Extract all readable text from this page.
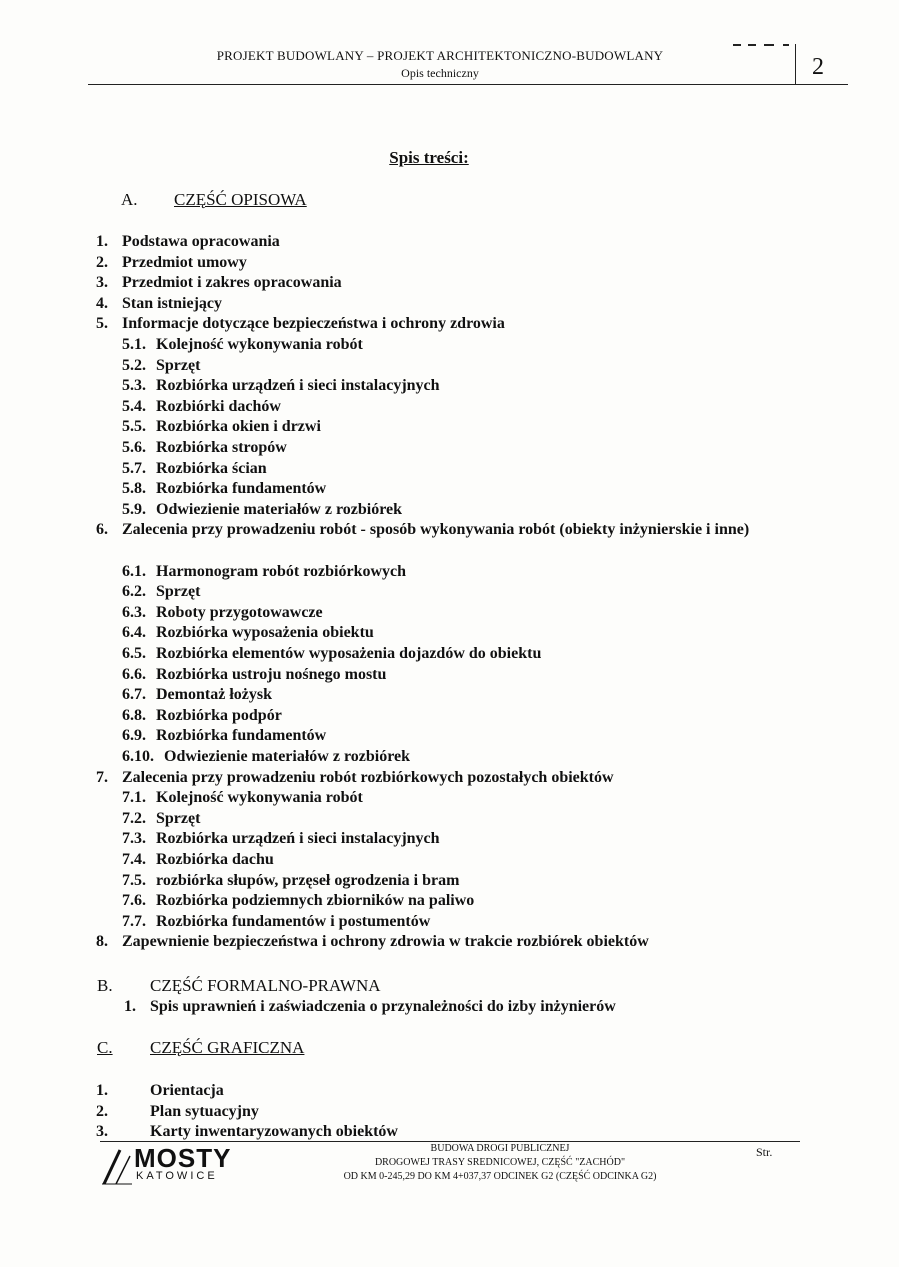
PROJEKT BUDOWLANY – PROJEKT ARCHITEKTONICZNO-BUDOWLANY
Opis techniczny	2
Spis treści:
A. CZĘŚĆ OPISOWA
1. Podstawa opracowania
2. Przedmiot umowy
3. Przedmiot i zakres opracowania
4. Stan istniejący
5. Informacje dotyczące bezpieczeństwa i ochrony zdrowia
5.1. Kolejność wykonywania robót
5.2. Sprzęt
5.3. Rozbiórka urządzeń i sieci instalacyjnych
5.4. Rozbiórki dachów
5.5. Rozbiórka okien i drzwi
5.6. Rozbiórka stropów
5.7. Rozbiórka ścian
5.8. Rozbiórka fundamentów
5.9. Odwiezienie materiałów z rozbiórek
6. Zalecenia przy prowadzeniu robót - sposób wykonywania robót (obiekty inżynierskie i inne)
6.1. Harmonogram robót rozbiórkowych
6.2. Sprzęt
6.3. Roboty przygotowawcze
6.4. Rozbiórka wyposażenia obiektu
6.5. Rozbiórka elementów wyposażenia dojazdów do obiektu
6.6. Rozbiórka ustroju nośnego mostu
6.7. Demontaż łożysk
6.8. Rozbiórka podpór
6.9. Rozbiórka fundamentów
6.10. Odwiezienie materiałów z rozbiórek
7. Zalecenia przy prowadzeniu robót rozbiórkowych pozostałych obiektów
7.1. Kolejność wykonywania robót
7.2. Sprzęt
7.3. Rozbiórka urządzeń i sieci instalacyjnych
7.4. Rozbiórka dachu
7.5. rozbiórka słupów, przęseł ogrodzenia i bram
7.6. Rozbiórka podziemnych zbiorników na paliwo
7.7. Rozbiórka fundamentów i postumentów
8. Zapewnienie bezpieczeństwa i ochrony zdrowia w trakcie rozbiórek obiektów
B. CZĘŚĆ FORMALNO-PRAWNA
1. Spis uprawnień i zaświadczenia o przynależności do izby inżynierów
C. CZĘŚĆ GRAFICZNA
1.	Orientacja
2.	Plan sytuacyjny
3.	Karty inwentaryzowanych obiektów
MOSTY
KATOWICE
BUDOWA DROGI PUBLICZNEJ
DROGOWEJ TRASY SREDNICOWEJ, CZĘŚĆ "ZACHÓD"
OD KM 0-245,29 DO KM 4+037,37 ODCINEK G2 (CZĘŚĆ ODCINKA G2)
Str.
